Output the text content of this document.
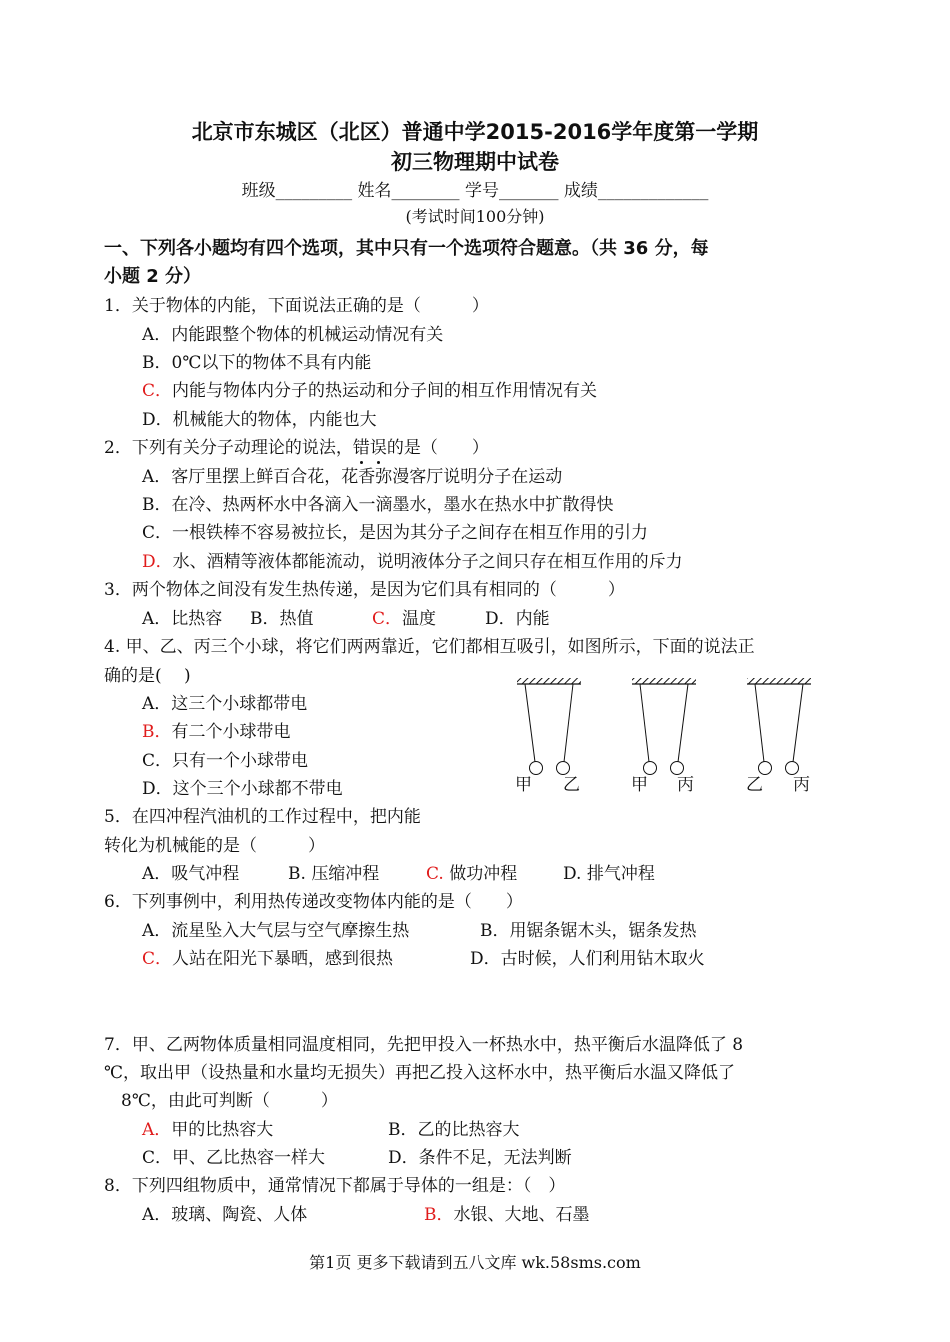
北京市东城区（北区）普通中学2015-2016学年度第一学期
初三物理期中试卷
班级_________ 姓名________ 学号_______ 成绩_____________
(考试时间100分钟)
一、下列各小题均有四个选项，其中只有一个选项符合题意。（共 36 分，每
小题 2 分）
1．关于物体的内能，下面说法正确的是（　　　）
A．内能跟整个物体的机械运动情况有关
B．0℃以下的物体不具有内能
C．内能与物体内分子的热运动和分子间的相互作用情况有关
D．机械能大的物体，内能也大
2．下列有关分子动理论的说法，错
误
的是（　　）
A．客厅里摆上鲜百合花，花香弥漫客厅说明分子在运动
B．在冷、热两杯水中各滴入一滴墨水，墨水在热水中扩散得快
C．一根铁棒不容易被拉长，是因为其分子之间存在相互作用的引力
D．水、酒精等液体都能流动，说明液体分子之间只存在相互作用的斥力
3．两个物体之间没有发生热传递，是因为它们具有相同的（　　　）
A．比热容 B．热值	C．温度	D．内能
4. 甲、乙、丙三个小球，将它们两两靠近，它们都相互吸引，如图所示，下面的说法正
确的是(　 )
A．这三个小球都带电
B．有二个小球带电
C．只有一个小球带电
D．这个三个小球都不带电	甲 乙	甲 丙	乙 丙
5．在四冲程汽油机的工作过程中，把内能
转化为机械能的是（　　　）
A．吸气冲程	B. 压缩冲程	C. 做功冲程	D. 排气冲程
6．下列事例中，利用热传递改变物体内能的是（　　）
A．流星坠入大气层与空气摩擦生热	B．用锯条锯木头，锯条发热
C．人站在阳光下暴晒，感到很热	D．古时候，人们利用钻木取火
7．甲、乙两物体质量相同温度相同，先把甲投入一杯热水中，热平衡后水温降低了 8
℃，取出甲（设热量和水量均无损失）再把乙投入这杯水中，热平衡后水温又降低了
8℃，由此可判断（　　　）
A．甲的比热容大	B．乙的比热容大
C．甲、乙比热容一样大	D．条件不足，无法判断
8．下列四组物质中，通常情况下都属于导体的一组是：（　）
A．玻璃、陶瓷、人体	B．水银、大地、石墨
第1页 更多下载请到五八文库 wk.58sms.com
